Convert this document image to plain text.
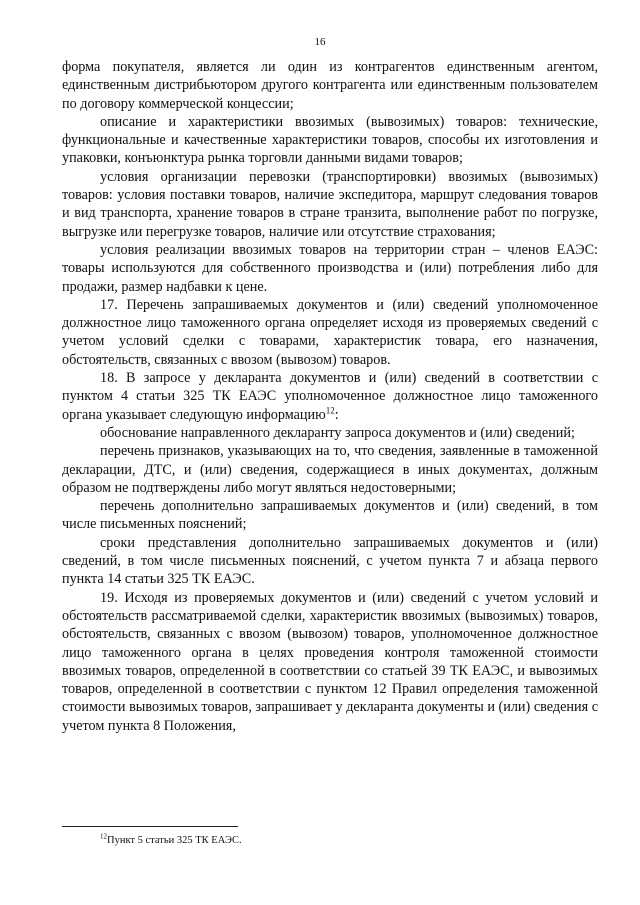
16

форма покупателя, является ли один из контрагентов единственным агентом, единственным дистрибьютором другого контрагента или единственным пользователем по договору коммерческой концессии;

описание и характеристики ввозимых (вывозимых) товаров: технические, функциональные и качественные характеристики товаров, способы их изготовления и упаковки, конъюнктура рынка торговли данными видами товаров;

условия организации перевозки (транспортировки) ввозимых (вывозимых) товаров: условия поставки товаров, наличие экспедитора, маршрут следования товаров и вид транспорта, хранение товаров в стране транзита, выполнение работ по погрузке, выгрузке или перегрузке товаров, наличие или отсутствие страхования;

условия реализации ввозимых товаров на территории стран – членов ЕАЭС: товары используются для собственного производства и (или) потребления либо для продажи, размер надбавки к цене.

17. Перечень запрашиваемых документов и (или) сведений уполномоченное должностное лицо таможенного органа определяет исходя из проверяемых сведений с учетом условий сделки с товарами, характеристик товара, его назначения, обстоятельств, связанных с ввозом (вывозом) товаров.

18. В запросе у декларанта документов и (или) сведений в соответствии с пунктом 4 статьи 325 ТК ЕАЭС уполномоченное должностное лицо таможенного органа указывает следующую информацию$^{12}$:

обоснование направленного декларанту запроса документов и (или) сведений;

перечень признаков, указывающих на то, что сведения, заявленные в таможенной декларации, ДТС, и (или) сведения, содержащиеся в иных документах, должным образом не подтверждены либо могут являться недостоверными;

перечень дополнительно запрашиваемых документов и (или) сведений, в том числе письменных пояснений;

сроки представления дополнительно запрашиваемых документов и (или) сведений, в том числе письменных пояснений, с учетом пункта 7 и абзаца первого пункта 14 статьи 325 ТК ЕАЭС.

19. Исходя из проверяемых документов и (или) сведений с учетом условий и обстоятельств рассматриваемой сделки, характеристик ввозимых (вывозимых) товаров, обстоятельств, связанных с ввозом (вывозом) товаров, уполномоченное должностное лицо таможенного органа в целях проведения контроля таможенной стоимости ввозимых товаров, определенной в соответствии со статьей 39 ТК ЕАЭС, и вывозимых товаров, определенной в соответствии с пунктом 12 Правил определения таможенной стоимости вывозимых товаров, запрашивает у декларанта документы и (или) сведения с учетом пункта 8 Положения,

$^{12}$Пункт 5 статьи 325 ТК ЕАЭС.
